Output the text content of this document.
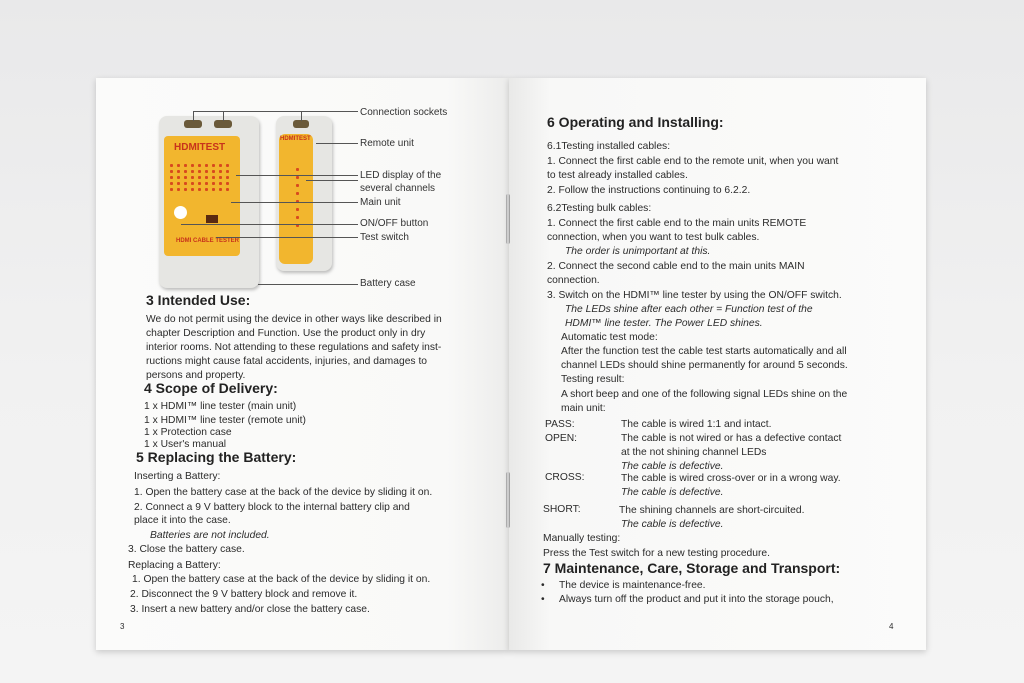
HDMITEST
HDMI CABLE TESTER
HDMITEST
Connection sockets
Remote unit
LED display of the
several channels
Main unit
ON/OFF button
Test switch
Battery case
3 Intended Use:
We do not permit using the device in other ways like described in
chapter Description and Function. Use the product only in dry
interior rooms. Not attending to these regulations and safety inst-
ructions might cause fatal accidents, injuries, and damages to
persons and property.
4 Scope of Delivery:
1 x HDMI™ line tester (main unit)
1 x HDMI™ line tester (remote unit)
1 x Protection case
1 x User's manual
5 Replacing the Battery:
Inserting a Battery:
1. Open the battery case at the back of the device by sliding it on.
2. Connect a 9 V battery block to the internal battery clip and
place it into the case.
Batteries are not included.
3. Close the battery case.
Replacing a Battery:
1. Open the battery case at the back of the device by sliding it on.
2. Disconnect the 9 V battery block and remove it.
3. Insert a new battery and/or close the battery case.
3
6 Operating and Installing:
6.1Testing installed cables:
1. Connect the first cable end to the remote unit, when you want
to test already installed cables.
2. Follow the instructions continuing to 6.2.2.
6.2Testing bulk cables:
1. Connect the first cable end to the main units REMOTE
connection, when you want to test bulk cables.
The order is unimportant at this.
2. Connect the second cable end to the main units MAIN
connection.
3. Switch on the HDMI™ line tester by using the ON/OFF switch.
The LEDs shine after each other = Function test of the
HDMI™ line tester. The Power LED shines.
Automatic test mode:
After the function test the cable test starts automatically and all
channel LEDs should shine permanently for around 5 seconds.
Testing result:
A short beep and one of the following signal LEDs shine on the
main unit:
PASS:	The cable is wired 1:1 and intact.
OPEN:	The cable is not wired or has a defective contact
at the not shining channel LEDs
The cable is defective.
CROSS:	The cable is wired cross-over or in a wrong way.
The cable is defective.
SHORT:	The shining channels are short-circuited.
The cable is defective.
Manually testing:
Press the Test switch for a new testing procedure.
7 Maintenance, Care, Storage and Transport:
• The device is maintenance-free.
• Always turn off the product and put it into the storage pouch,
4
